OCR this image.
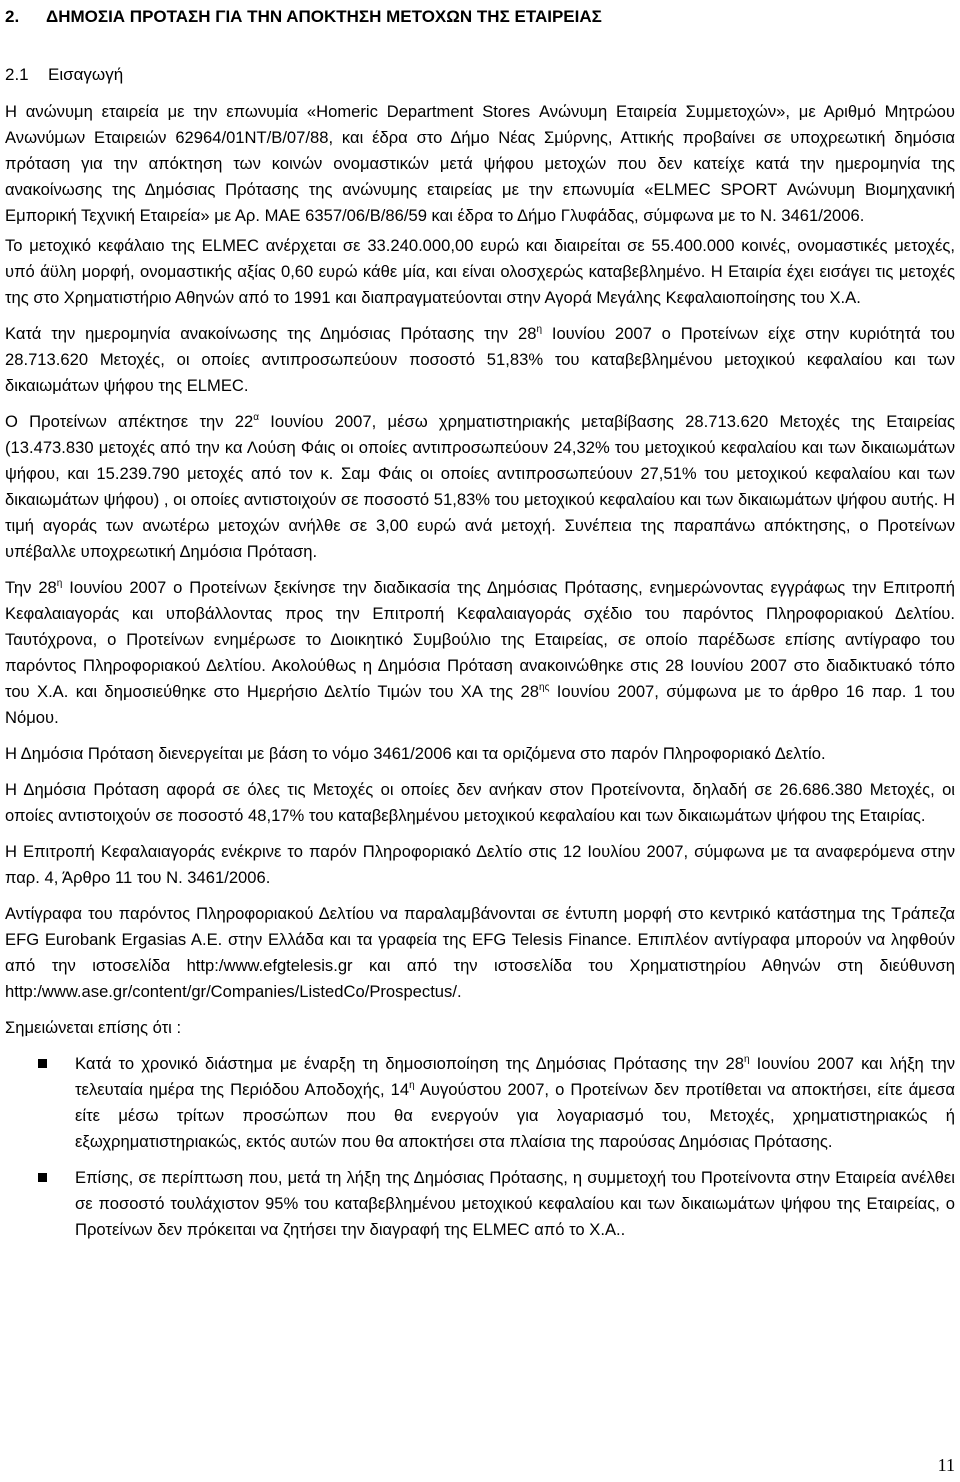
2. ΔΗΜΟΣΙΑ ΠΡΟΤΑΣΗ ΓΙΑ ΤΗΝ ΑΠΟΚΤΗΣΗ ΜΕΤΟΧΩΝ ΤΗΣ ΕΤΑΙΡΕΙΑΣ
2.1 Εισαγωγή

Η ανώνυμη εταιρεία με την επωνυμία «Homeric Department Stores Ανώνυμη Εταιρεία Συμμετοχών», με Αριθμό Μητρώου Ανωνύμων Εταιρειών 62964/01ΝΤ/Β/07/88, και έδρα στο Δήμο Νέας Σμύρνης, Αττικής προβαίνει σε υποχρεωτική δημόσια πρόταση για την απόκτηση των κοινών ονομαστικών μετά ψήφου μετοχών που δεν κατείχε κατά την ημερομηνία της ανακοίνωσης της Δημόσιας Πρότασης της ανώνυμης εταιρείας με την επωνυμία «ELMEC SPORT Ανώνυμη Βιομηχανική Εμπορική Τεχνική Εταιρεία» με Αρ. ΜΑΕ 6357/06/Β/86/59 και έδρα το Δήμο Γλυφάδας, σύμφωνα με το Ν. 3461/2006.

Το μετοχικό κεφάλαιο της ELMEC ανέρχεται σε 33.240.000,00 ευρώ και διαιρείται σε 55.400.000 κοινές, ονομαστικές μετοχές, υπό άϋλη μορφή, ονομαστικής αξίας 0,60 ευρώ κάθε μία, και είναι ολοσχερώς καταβεβλημένο. Η Εταιρία έχει εισάγει τις μετοχές της στο Χρηματιστήριο Αθηνών από το 1991 και διαπραγματεύονται στην Αγορά Μεγάλης Κεφαλαιοποίησης του Χ.Α.

Κατά την ημερομηνία ανακοίνωσης της Δημόσιας Πρότασης την $28^\eta$ Ιουνίου 2007 ο Προτείνων είχε στην κυριότητά του 28.713.620 Μετοχές, οι οποίες αντιπροσωπεύουν ποσοστό 51,83% του καταβεβλημένου μετοχικού κεφαλαίου και των δικαιωμάτων ψήφου της ELMEC.

Ο Προτείνων απέκτησε την $22^\alpha$ Ιουνίου 2007, μέσω χρηματιστηριακής μεταβίβασης 28.713.620 Μετοχές της Εταιρείας (13.473.830 μετοχές από την κα Λούση Φάις οι οποίες αντιπροσωπεύουν 24,32% του μετοχικού κεφαλαίου και των δικαιωμάτων ψήφου, και 15.239.790 μετοχές από τον κ. Σαμ Φάις οι οποίες αντιπροσωπεύουν 27,51% του μετοχικού κεφαλαίου και των δικαιωμάτων ψήφου) , οι οποίες αντιστοιχούν σε ποσοστό 51,83% του μετοχικού κεφαλαίου και των δικαιωμάτων ψήφου αυτής. Η τιμή αγοράς των ανωτέρω μετοχών ανήλθε σε 3,00 ευρώ ανά μετοχή. Συνέπεια της παραπάνω απόκτησης, ο Προτείνων υπέβαλλε υποχρεωτική Δημόσια Πρόταση.

Την $28^\eta$ Ιουνίου 2007 ο Προτείνων ξεκίνησε την διαδικασία της Δημόσιας Πρότασης, ενημερώνοντας εγγράφως την Επιτροπή Κεφαλαιαγοράς και υποβάλλοντας προς την Επιτροπή Κεφαλαιαγοράς σχέδιο του παρόντος Πληροφοριακού Δελτίου. Ταυτόχρονα, ο Προτείνων ενημέρωσε το Διοικητικό Συμβούλιο της Εταιρείας, σε οποίο παρέδωσε επίσης αντίγραφο του παρόντος Πληροφοριακού Δελτίου. Ακολούθως η Δημόσια Πρόταση ανακοινώθηκε στις 28 Ιουνίου 2007 στο διαδικτυακό τόπο του Χ.Α. και δημοσιεύθηκε στο Ημερήσιο Δελτίο Τιμών του ΧΑ της $28^{\eta\varsigma}$ Ιουνίου 2007, σύμφωνα με το άρθρο 16 παρ. 1 του Νόμου.

Η Δημόσια Πρόταση διενεργείται με βάση το νόμο 3461/2006 και τα οριζόμενα στο παρόν Πληροφοριακό Δελτίο.

Η Δημόσια Πρόταση αφορά σε όλες τις Μετοχές οι οποίες δεν ανήκαν στον Προτείνοντα, δηλαδή σε 26.686.380 Μετοχές, οι οποίες αντιστοιχούν σε ποσοστό 48,17% του καταβεβλημένου μετοχικού κεφαλαίου και των δικαιωμάτων ψήφου της Εταιρίας.

Η Επιτροπή Κεφαλαιαγοράς ενέκρινε το παρόν Πληροφοριακό Δελτίο στις 12 Ιουλίου 2007, σύμφωνα με τα αναφερόμενα στην παρ. 4, Άρθρο 11 του Ν. 3461/2006.

Αντίγραφα του παρόντος Πληροφοριακού Δελτίου να παραλαμβάνονται σε έντυπη μορφή στο κεντρικό κατάστημα της Τράπεζα EFG Eurobank Ergasias A.E. στην Ελλάδα και τα γραφεία της EFG Telesis Finance. Επιπλέον αντίγραφα μπορούν να ληφθούν από την ιστοσελίδα http:/www.efgtelesis.gr και από την ιστοσελίδα του Χρηματιστηρίου Αθηνών στη διεύθυνση http:/www.ase.gr/content/gr/Companies/ListedCo/Prospectus/.

Σημειώνεται επίσης ότι :

Κατά το χρονικό διάστημα με έναρξη τη δημοσιοποίηση της Δημόσιας Πρότασης την $28^\eta$ Ιουνίου 2007 και λήξη την τελευταία ημέρα της Περιόδου Αποδοχής, $14^\eta$ Αυγούστου 2007, ο Προτείνων δεν προτίθεται να αποκτήσει, είτε άμεσα είτε μέσω τρίτων προσώπων που θα ενεργούν για λογαριασμό του, Μετοχές, χρηματιστηριακώς ή εξωχρηματιστηριακώς, εκτός αυτών που θα αποκτήσει στα πλαίσια της παρούσας Δημόσιας Πρότασης.
Επίσης, σε περίπτωση που, μετά τη λήξη της Δημόσιας Πρότασης, η συμμετοχή του Προτείνοντα στην Εταιρεία ανέλθει σε ποσοστό τουλάχιστον 95% του καταβεβλημένου μετοχικού κεφαλαίου και των δικαιωμάτων ψήφου της Εταιρείας, ο Προτείνων δεν πρόκειται να ζητήσει την διαγραφή της ELMEC από το Χ.Α..
11
